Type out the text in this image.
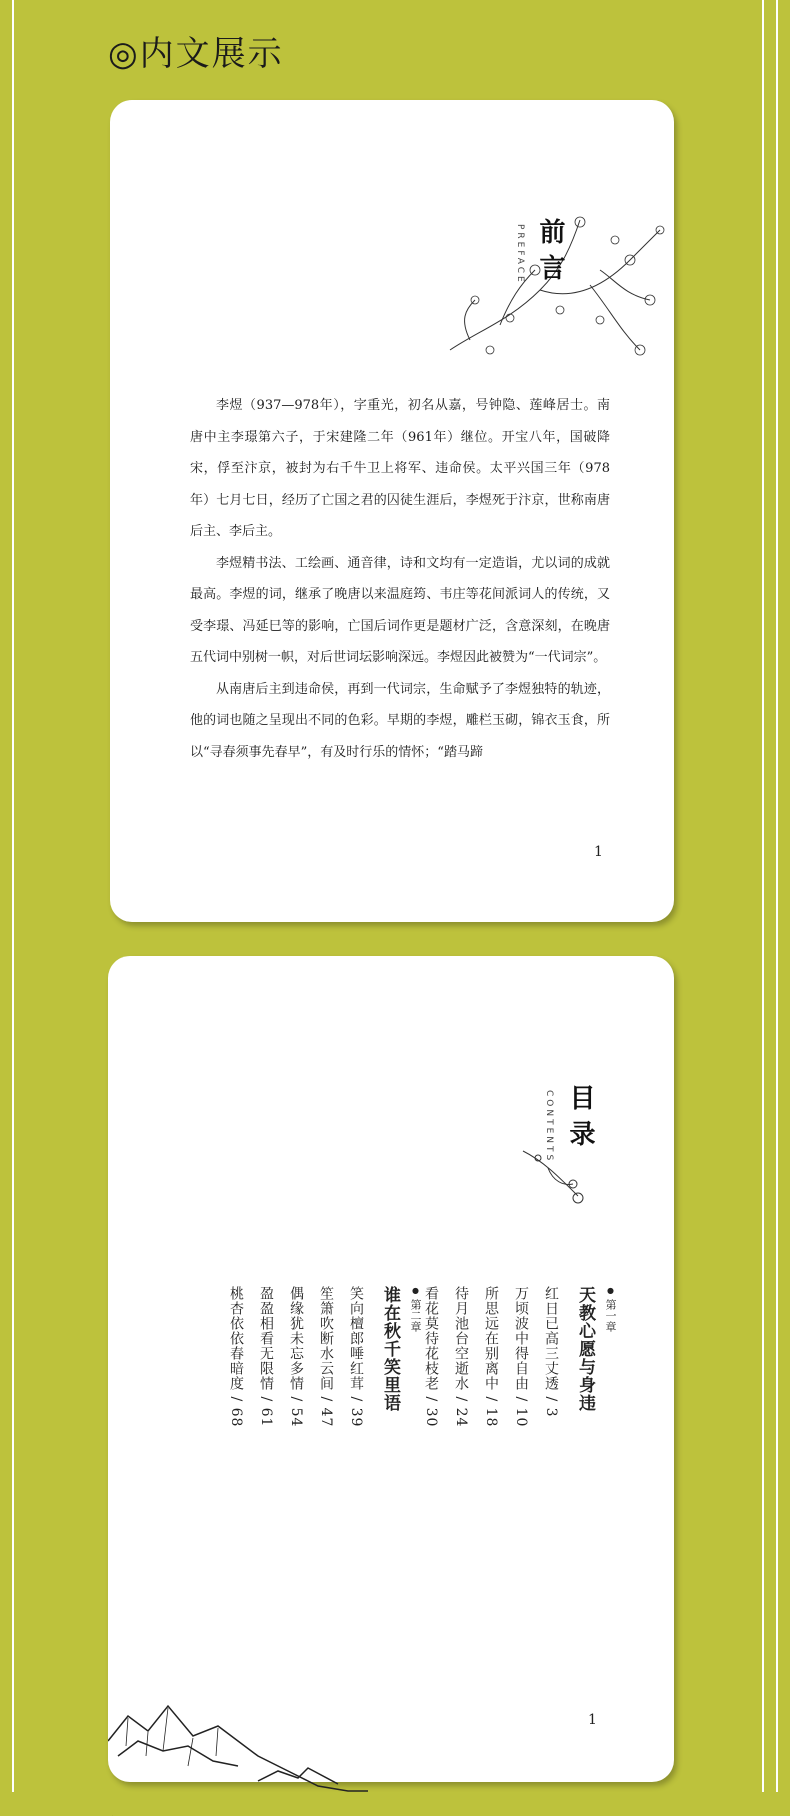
◎内文展示
PREFACE 前言

李煜（937—978年），字重光，初名从嘉，号钟隐、莲峰居士。南唐中主李璟第六子，于宋建隆二年（961年）继位。开宝八年，国破降宋，俘至汴京，被封为右千牛卫上将军、违命侯。太平兴国三年（978年）七月七日，经历了亡国之君的囚徒生涯后，李煜死于汴京，世称南唐后主、李后主。

李煜精书法、工绘画、通音律，诗和文均有一定造诣，尤以词的成就最高。李煜的词，继承了晚唐以来温庭筠、韦庄等花间派词人的传统，又受李璟、冯延巳等的影响，亡国后词作更是题材广泛，含意深刻，在晚唐五代词中别树一帜，对后世词坛影响深远。李煜因此被赞为“一代词宗”。

从南唐后主到违命侯，再到一代词宗，生命赋予了李煜独特的轨迹，他的词也随之呈现出不同的色彩。早期的李煜，雕栏玉砌，锦衣玉食，所以“寻春须事先春早”，有及时行乐的情怀；“踏马蹄

1
CONTENTS 目录
● 第一章
天教心愿与身违
红日已高三丈透 / 3
万顷波中得自由 / 10
所思远在别离中 / 18
待月池台空逝水 / 24
看花莫待花枝老 / 30
● 第二章
谁在秋千笑里语
笑向檀郎唾红茸 / 39
笙箫吹断水云间 / 47
偶缘犹未忘多情 / 54
盈盈相看无限情 / 61
桃杏依依春暗度 / 68
1
